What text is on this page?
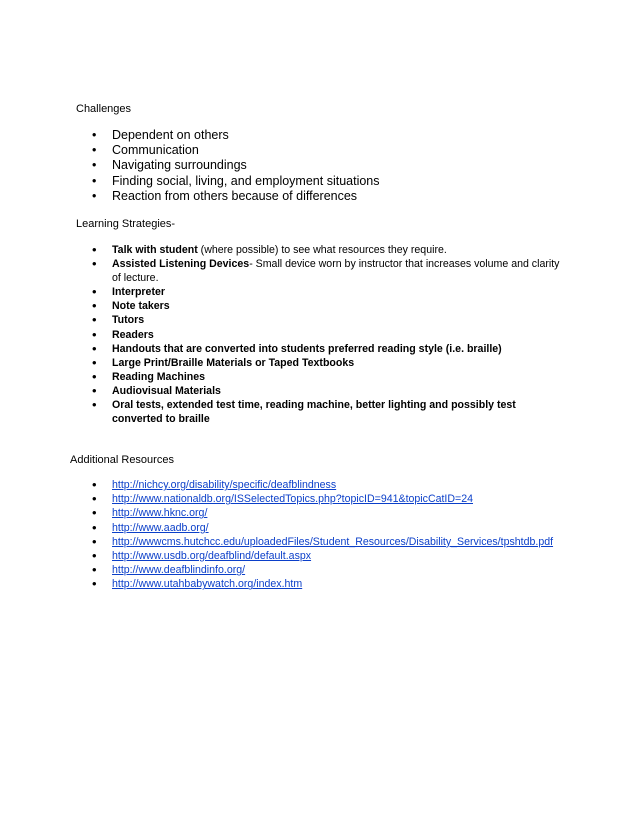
Challenges
• Dependent on others
• Communication
• Navigating surroundings
• Finding social, living, and employment situations
• Reaction from others because of differences
Learning Strategies-
• Talk with student (where possible) to see what resources they require.
• Assisted Listening Devices- Small device worn by instructor that increases volume and clarity of lecture.
• Interpreter
• Note takers
• Tutors
• Readers
• Handouts that are converted into students preferred reading style (i.e. braille)
• Large Print/Braille Materials or Taped Textbooks
• Reading Machines
• Audiovisual Materials
• Oral tests, extended test time, reading machine, better lighting and possibly test converted to braille
Additional Resources
• http://nichcy.org/disability/specific/deafblindness
• http://www.nationaldb.org/ISSelectedTopics.php?topicID=941&topicCatID=24
• http://www.hknc.org/
• http://www.aadb.org/
• http://wwwcms.hutchcc.edu/uploadedFiles/Student_Resources/Disability_Services/tpshtdb.pdf
• http://www.usdb.org/deafblind/default.aspx
• http://www.deafblindinfo.org/
• http://www.utahbabywatch.org/index.htm
